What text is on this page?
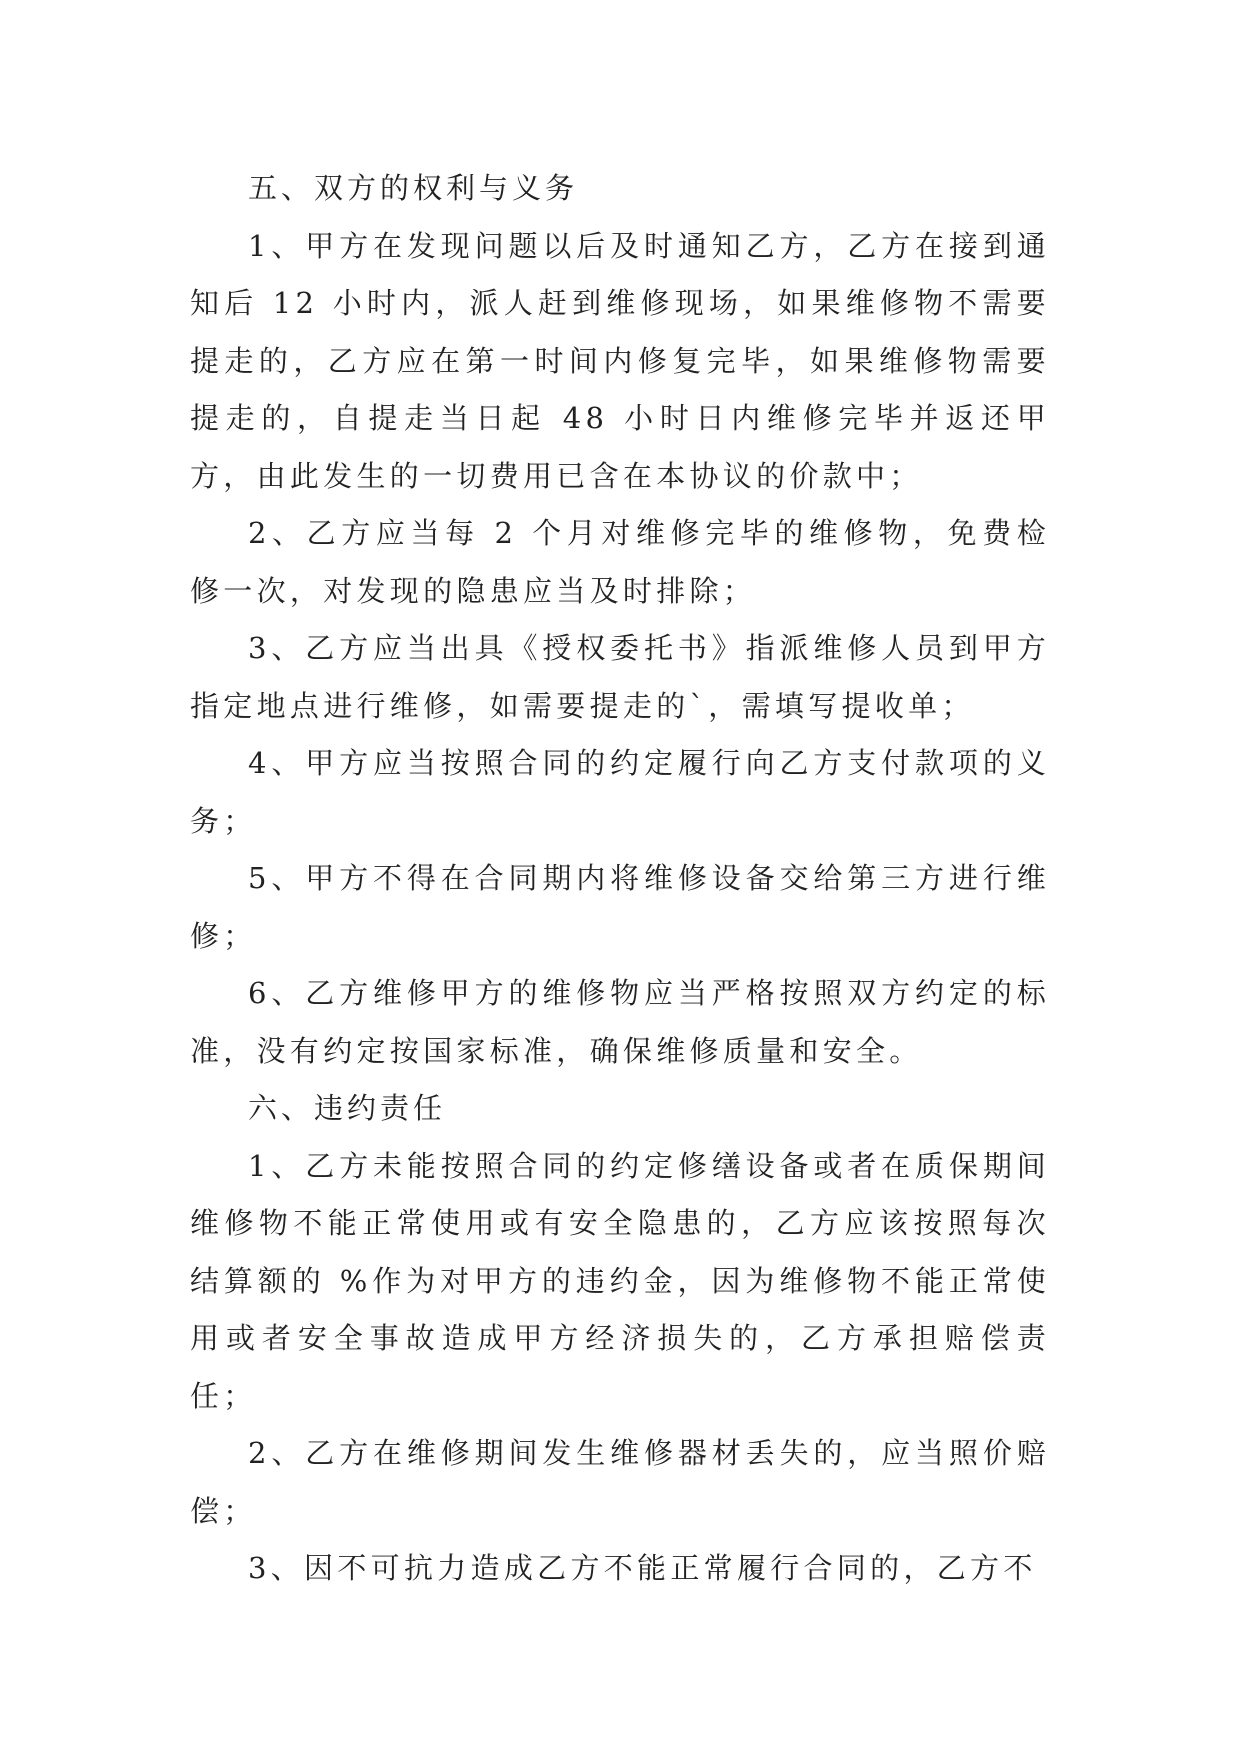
五、双方的权利与义务

1、甲方在发现问题以后及时通知乙方，乙方在接到通知后 12 小时内，派人赶到维修现场，如果维修物不需要提走的，乙方应在第一时间内修复完毕，如果维修物需要提走的，自提走当日起 48 小时日内维修完毕并返还甲方，由此发生的一切费用已含在本协议的价款中；

2、乙方应当每 2 个月对维修完毕的维修物，免费检修一次，对发现的隐患应当及时排除；

3、乙方应当出具《授权委托书》指派维修人员到甲方指定地点进行维修，如需要提走的`，需填写提收单；

4、甲方应当按照合同的约定履行向乙方支付款项的义务；

5、甲方不得在合同期内将维修设备交给第三方进行维修；

6、乙方维修甲方的维修物应当严格按照双方约定的标准，没有约定按国家标准，确保维修质量和安全。

六、违约责任

1、乙方未能按照合同的约定修缮设备或者在质保期间维修物不能正常使用或有安全隐患的，乙方应该按照每次结算额的 %作为对甲方的违约金，因为维修物不能正常使用或者安全事故造成甲方经济损失的，乙方承担赔偿责任；

2、乙方在维修期间发生维修器材丢失的，应当照价赔偿；

3、因不可抗力造成乙方不能正常履行合同的，乙方不
